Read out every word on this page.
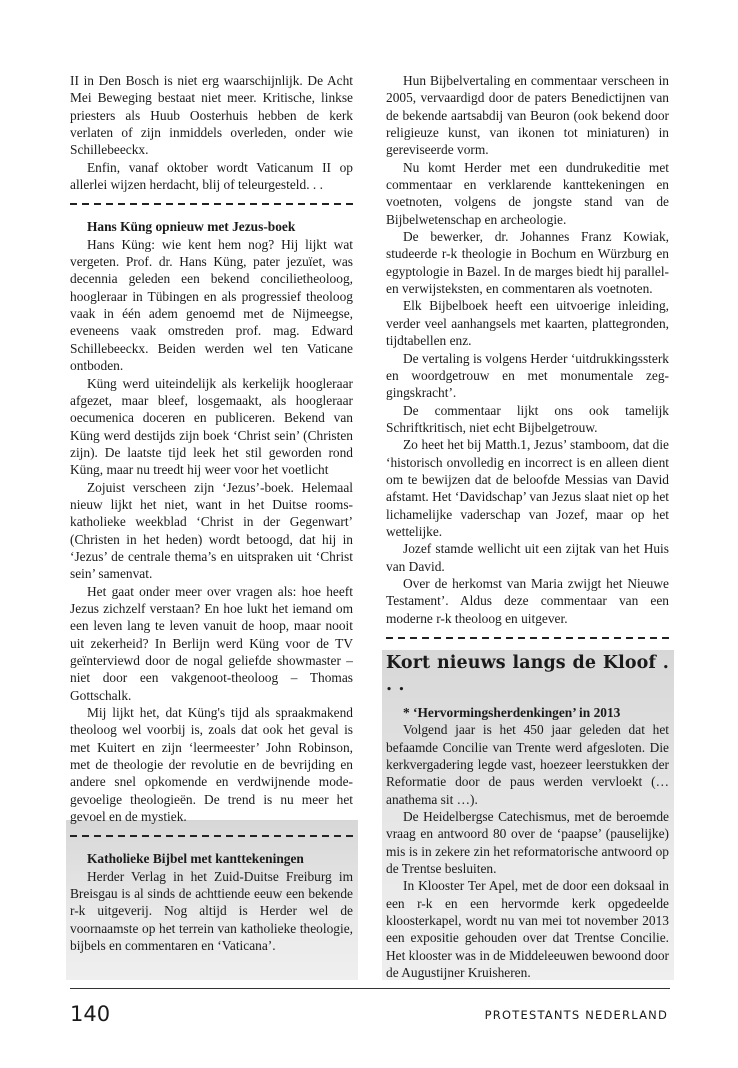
II in Den Bosch is niet erg waarschijnlijk. De Acht Mei Beweging bestaat niet meer. Kritische, linkse priesters als Huub Oosterhuis hebben de kerk verlaten of zijn inmiddels overleden, onder wie Schillebeeckx.

Enfin, vanaf oktober wordt Vaticanum II op allerlei wijzen herdacht, blij of teleurgesteld. . .

Hans Küng opnieuw met Jezus-boek

Hans Küng: wie kent hem nog? Hij lijkt wat vergeten. Prof. dr. Hans Küng, pater jezuïet, was decennia geleden een bekend concilietheoloog, hoogleraar in Tübingen en als progressief theoloog vaak in één adem genoemd met de Nijmeegse, eveneens vaak omstreden prof. mag. Edward Schillebeeckx. Beiden werden wel ten Vaticane ontboden.

Küng werd uiteindelijk als kerkelijk hoogleraar afgezet, maar bleef, losgemaakt, als hoogleraar oecumenica doceren en publiceren. Bekend van Küng werd destijds zijn boek ‘Christ sein’ (Christen zijn). De laatste tijd leek het stil geworden rond Küng, maar nu treedt hij weer voor het voetlicht

Zojuist verscheen zijn ‘Jezus’-boek. Helemaal nieuw lijkt het niet, want in het Duitse rooms-katholieke weekblad ‘Christ in der Gegenwart’ (Christen in het heden) wordt betoogd, dat hij in ‘Jezus’ de centrale thema’s en uitspraken uit ‘Christ sein’ samenvat.

Het gaat onder meer over vragen als: hoe heeft Jezus zichzelf verstaan? En hoe lukt het iemand om een leven lang te leven vanuit de hoop, maar nooit uit zekerheid? In Berlijn werd Küng voor de TV geïnterviewd door de nogal geliefde showmaster – niet door een vakgenoot-theoloog – Thomas Gottschalk.

Mij lijkt het, dat Küng's tijd als spraakmakend theoloog wel voorbij is, zoals dat ook het geval is met Kuitert en zijn ‘leermeester’ John Robinson, met de theologie der revolutie en de bevrijding en andere snel opkomende en verdwijnende modegevoelige theologieën. De trend is nu meer het gevoel en de mystiek.

Katholieke Bijbel met kanttekeningen

Herder Verlag in het Zuid-Duitse Freiburg im Breisgau is al sinds de achttiende eeuw een bekende r-k uitgeverij. Nog altijd is Herder wel de voornaamste op het terrein van katholieke theologie, bijbels en commentaren en ‘Vaticana’.

Hun Bijbelvertaling en commentaar verscheen in 2005, vervaardigd door de paters Benedictijnen van de bekende aartsabdij van Beuron (ook bekend door religieuze kunst, van ikonen tot miniaturen) in gereviseerde vorm.

Nu komt Herder met een dundrukeditie met commentaar en verklarende kanttekeningen en voetnoten, volgens de jongste stand van de Bijbelwetenschap en archeologie.

De bewerker, dr. Johannes Franz Kowiak, studeerde r-k theologie in Bochum en Würzburg en egyptologie in Bazel. In de marges biedt hij parallel- en verwijsteksten, en commentaren als voetnoten.

Elk Bijbelboek heeft een uitvoerige inleiding, verder veel aanhangsels met kaarten, plattegronden, tijdtabellen enz.

De vertaling is volgens Herder ‘uitdrukkingssterk en woordgetrouw en met monumentale zeggingskracht’.

De commentaar lijkt ons ook tamelijk Schriftkritisch, niet echt Bijbelgetrouw.

Zo heet het bij Matth.1, Jezus’ stamboom, dat die ‘historisch onvolledig en incorrect is en alleen dient om te bewijzen dat de beloofde Messias van David afstamt. Het ‘Davidschap’ van Jezus slaat niet op het lichamelijke vaderschap van Jozef, maar op het wettelijke.

Jozef stamde wellicht uit een zijtak van het Huis van David.

Over de herkomst van Maria zwijgt het Nieuwe Testament’. Aldus deze commentaar van een moderne r-k theoloog en uitgever.

Kort nieuws langs de Kloof . . .

* ‘Hervormingsherdenkingen’ in 2013

Volgend jaar is het 450 jaar geleden dat het befaamde Concilie van Trente werd afgesloten. Die kerkvergadering legde vast, hoezeer leerstukken der Reformatie door de paus werden vervloekt (… anathema sit …).

De Heidelbergse Catechismus, met de beroemde vraag en antwoord 80 over de ‘paapse’ (pauselijke) mis is in zekere zin het reformatorische antwoord op de Trentse besluiten.

In Klooster Ter Apel, met de door een doksaal in een r-k en een hervormde kerk opgedeelde kloosterkapel, wordt nu van mei tot november 2013 een expositie gehouden over dat Trentse Concilie. Het klooster was in de Middeleeuwen bewoond door de Augustijner Kruisheren.

140	PROTESTANTS NEDERLAND
